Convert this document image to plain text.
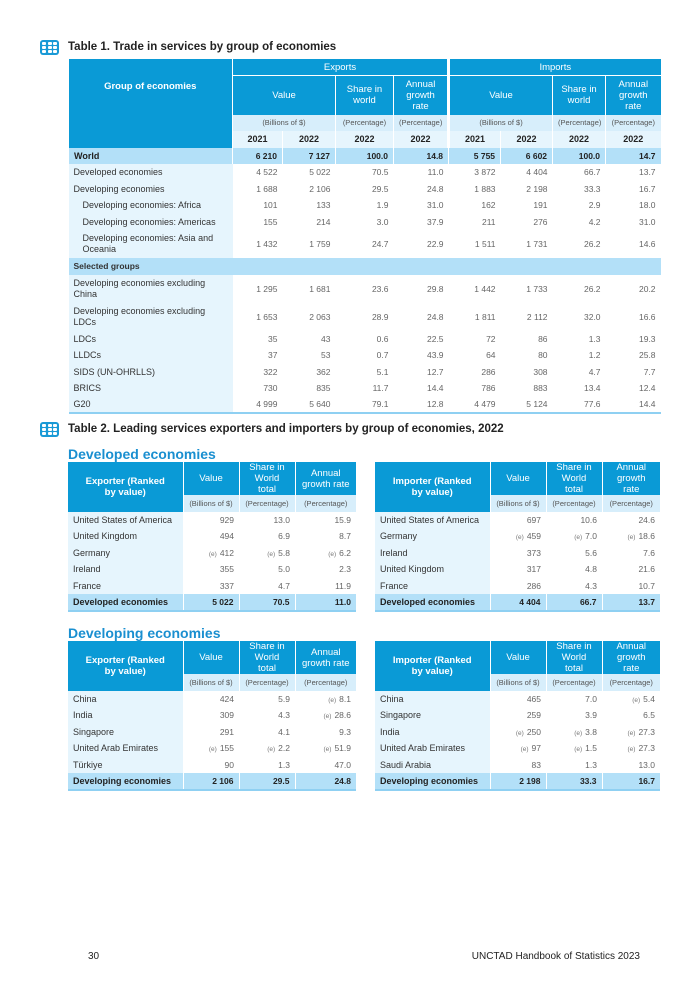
Table 1. Trade in services by group of economies
Group of economies	Exports				Imports			
	Value		Share in world	Annual growth rate	Value		Share in world	Annual growth rate
	(Billions of $)		(Percentage)	(Percentage)	(Billions of $)		(Percentage)	(Percentage)
	2021	2022	2022	2022	2021	2022	2022	2022
World	6 210	7 127	100.0	14.8	5 755	6 602	100.0	14.7
Developed economies	4 522	5 022	70.5	11.0	3 872	4 404	66.7	13.7
Developing economies	1 688	2 106	29.5	24.8	1 883	2 198	33.3	16.7
Developing economies: Africa	101	133	1.9	31.0	162	191	2.9	18.0
Developing economies: Americas	155	214	3.0	37.9	211	276	4.2	31.0
Developing economies: Asia and Oceania	1 432	1 759	24.7	22.9	1 511	1 731	26.2	14.6
Selected groups								
Developing economies excluding China	1 295	1 681	23.6	29.8	1 442	1 733	26.2	20.2
Developing economies excluding LDCs	1 653	2 063	28.9	24.8	1 811	2 112	32.0	16.6
LDCs	35	43	0.6	22.5	72	86	1.3	19.3
LLDCs	37	53	0.7	43.9	64	80	1.2	25.8
SIDS (UN-OHRLLS)	322	362	5.1	12.7	286	308	4.7	7.7
BRICS	730	835	11.7	14.4	786	883	13.4	12.4
G20	4 999	5 640	79.1	12.8	4 479	5 124	77.6	14.4
Table 2. Leading services exporters and importers by group of economies, 2022
Developed economies
Exporter (Ranked by value)	Value	Share in World total	Annual growth rate
	(Billions of $)	(Percentage)	(Percentage)
United States of America	929	13.0	15.9
United Kingdom	494	6.9	8.7
Germany	(e) 412	(e) 5.8	(e) 6.2
Ireland	355	5.0	2.3
France	337	4.7	11.9
Developed economies	5 022	70.5	11.0
Importer (Ranked by value)	Value	Share in World total	Annual growth rate
	(Billions of $)	(Percentage)	(Percentage)
United States of America	697	10.6	24.6
Germany	(e) 459	(e) 7.0	(e) 18.6
Ireland	373	5.6	7.6
United Kingdom	317	4.8	21.6
France	286	4.3	10.7
Developed economies	4 404	66.7	13.7
Developing economies
Exporter (Ranked by value)	Value	Share in World total	Annual growth rate
	(Billions of $)	(Percentage)	(Percentage)
China	424	5.9	(e) 8.1
India	309	4.3	(e) 28.6
Singapore	291	4.1	9.3
United Arab Emirates	(e) 155	(e) 2.2	(e) 51.9
Türkiye	90	1.3	47.0
Developing economies	2 106	29.5	24.8
Importer (Ranked by value)	Value	Share in World total	Annual growth rate
	(Billions of $)	(Percentage)	(Percentage)
China	465	7.0	(e) 5.4
Singapore	259	3.9	6.5
India	(e) 250	(e) 3.8	(e) 27.3
United Arab Emirates	(e) 97	(e) 1.5	(e) 27.3
Saudi Arabia	83	1.3	13.0
Developing economies	2 198	33.3	16.7
30	UNCTAD Handbook of Statistics 2023
